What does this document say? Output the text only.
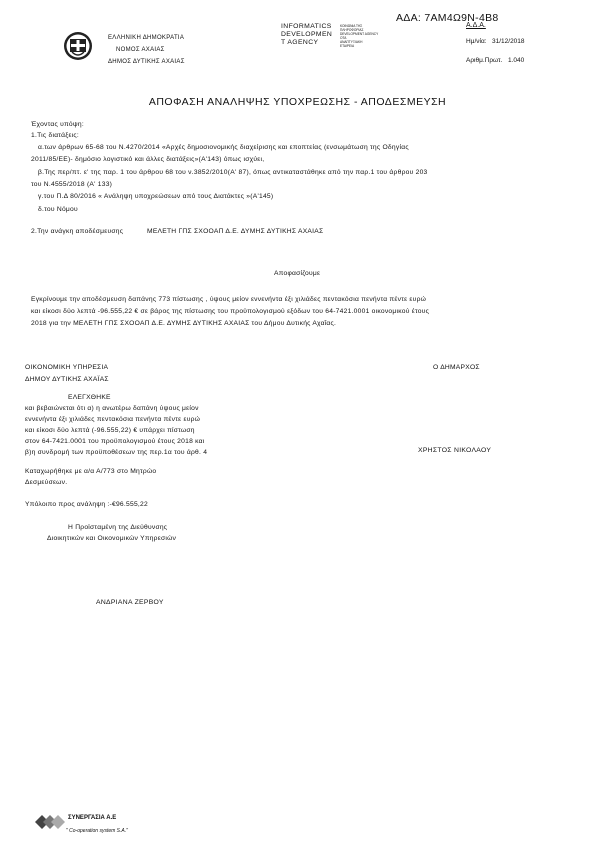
ΑΔΑ: 7ΑΜ4Ω9Ν-4Β8
ΕΛΛΗΝΙΚΗ ΔΗΜΟΚΡΑΤΙΑ
ΝΟΜΟΣ ΑΧΑΙΑΣ
ΔΗΜΟΣ ΔΥΤΙΚΗΣ ΑΧΑΙΑΣ
INFORMATICS
DEVELOPMEN
T AGENCY
ΚΟΙΝΩΝΙΑ ΤΗΣ
ΠΛΗΡΟΦΟΡΙΑΣ
DEVELOPMENT AGENCY
ΟΤΑ
ΑΝΑΠΤΥΞΙΑΚΗ
ΕΤΑΙΡΕΙΑ
Α.Δ.Α.
Ημ/νία: 31/12/2018
Αριθμ.Πρωτ. 1.040
ΑΠΟΦΑΣΗ ΑΝΑΛΗΨΗΣ ΥΠΟΧΡΕΩΣΗΣ - ΑΠΟΔΕΣΜΕΥΣΗ
Έχοντας υπόψη:
1.Τις διατάξεις:
α.των άρθρων 65-68 του Ν.4270/2014 «Αρχές δημοσιονομικής διαχείρισης και εποπτείας (ενσωμάτωση της Οδηγίας
2011/85/ΕΕ)- δημόσιο λογιστικό και άλλες διατάξεις»(Α'143) όπως ισχύει,
β.Της περ/πτ. ε' της παρ. 1 του άρθρου 68 του ν.3852/2010(Α' 87), όπως αντικαταστάθηκε από την παρ.1 του άρθρου 203
του Ν.4555/2018 (Α' 133)
γ.του Π.Δ 80/2016 « Ανάληψη υποχρεώσεων από τους Διατάκτες »(Α'145)
δ.του Νόμου
2.Την ανάγκη αποδέσμευσης	ΜΕΛΕΤΗ ΓΠΣ ΣΧΟΟΑΠ Δ.Ε. ΔΥΜΗΣ ΔΥΤΙΚΗΣ ΑΧΑΙΑΣ
Αποφασίζουμε
Εγκρίνουμε την αποδέσμευση δαπάνης 773 πίστωσης , ύψους μείον εννενήντα έξι χιλιάδες πεντακόσια πενήντα πέντε ευρώ
και είκοσι δύο λεπτά -96.555,22 € σε βάρος της πίστωσης του προϋπολογισμού εξόδων του 64-7421.0001 οικονομικού έτους
2018 για την ΜΕΛΕΤΗ ΓΠΣ ΣΧΟΟΑΠ Δ.Ε. ΔΥΜΗΣ ΔΥΤΙΚΗΣ ΑΧΑΙΑΣ του Δήμου Δυτικής Αχαΐας.
ΟΙΚΟΝΟΜΙΚΗ ΥΠΗΡΕΣΙΑ
ΔΗΜΟΥ ΔΥΤΙΚΗΣ ΑΧΑΪΑΣ
ΕΛΕΓΧΘΗΚΕ
και βεβαιώνεται ότι α) η ανωτέρω δαπάνη ύψους μείον
εννενήντα έξι χιλιάδες πεντακόσια πενήντα πέντε ευρώ
και είκοσι δύο λεπτά (-96.555,22) € υπάρχει πίστωση
στον 64-7421.0001 του προϋπολογισμού έτους 2018 και
β)η συνδρομή των προϋποθέσεων της περ.1α του άρθ. 4
Καταχωρήθηκε με α/α Α/773 στο Μητρώο
Δεσμεύσεων.
Υπόλοιπο προς ανάληψη :-€96.555,22
Η Προϊσταμένη της Διεύθυνσης
Διοικητικών και Οικονομικών Υπηρεσιών
ΑΝΔΡΙΑΝΑ ΖΕΡΒΟΥ
Ο ΔΗΜΑΡΧΟΣ
ΧΡΗΣΤΟΣ ΝΙΚΟΛΑΟΥ
ΣΥΝΕΡΓΑΣΙΑ Α.Ε
" Co-operation system S.A."
